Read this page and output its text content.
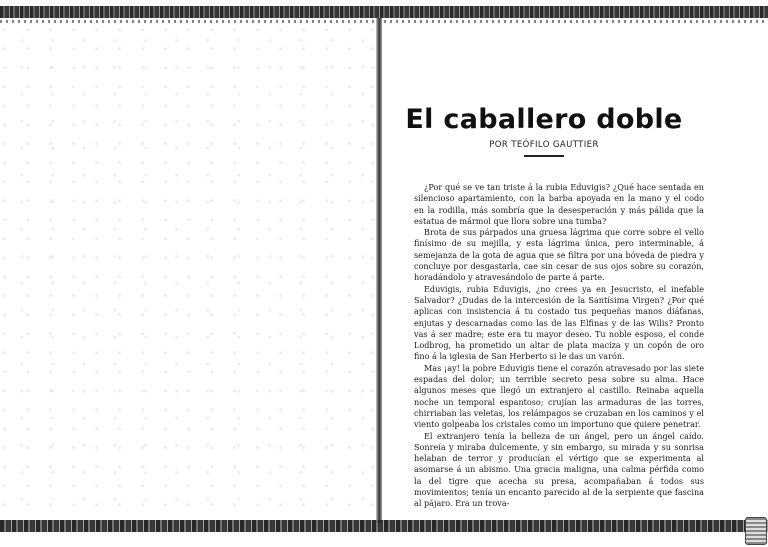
El caballero doble
POR TEÓFILO GAUTTIER

¿Por qué se ve tan triste á la rubia Eduvigis? ¿Qué hace sentada en silencioso apartamiento, con la barba apoyada en la mano y el codo en la rodilla, más sombría que la desesperación y más pálida que la estatua de mármol que llora sobre una tumba?

Brota de sus párpados una gruesa lágrima que corre sobre el vello finísimo de su mejilla, y esta lágrima única, pero interminable, á semejanza de la gota de agua que se filtra por una bóveda de piedra y concluye por desgastarla, cae sin cesar de sus ojos sobre su corazón, horadándolo y atravesándolo de parte á parte.

Eduvigis, rubia Eduvigis, ¿no crees ya en Jesucristo, el inefable Salvador? ¿Dudas de la intercesión de la Santísima Virgen? ¿Por qué aplicas con insistencia á tu costado tus pequeñas manos diáfanas, enjutas y descarnadas como las de las Elfinas y de las Wilis? Pronto vas á ser madre; este era tu mayor deseo. Tu noble esposo, el conde Lodbrog, ha prometido un altar de plata maciza y un copón de oro fino á la iglesia de San Herberto si le das un varón.

Mas ¡ay! la pobre Eduvigis tiene el corazón atravesado por las siete espadas del dolor; un terrible secreto pesa sobre su alma. Hace algunos meses que llegó un extranjero al castillo. Reinaba aquella noche un temporal espantoso; crujían las armaduras de las torres, chirriaban las veletas, los relámpagos se cruzaban en los caminos y el viento golpeaba los cristales como un importuno que quiere penetrar.

El extranjero tenía la belleza de un ángel, pero un ángel caído. Sonreía y miraba dulcemente, y sin embargo, su mirada y su sonrisa helaban de terror y producían el vértigo que se experimenta al asomarse á un abismo. Una gracia maligna, una calma pérfida como la del tigre que acecha su presa, acompañaban á todos sus movimientos; tenía un encanto parecido al de la serpiente que fascina al pájaro. Era un trova-
